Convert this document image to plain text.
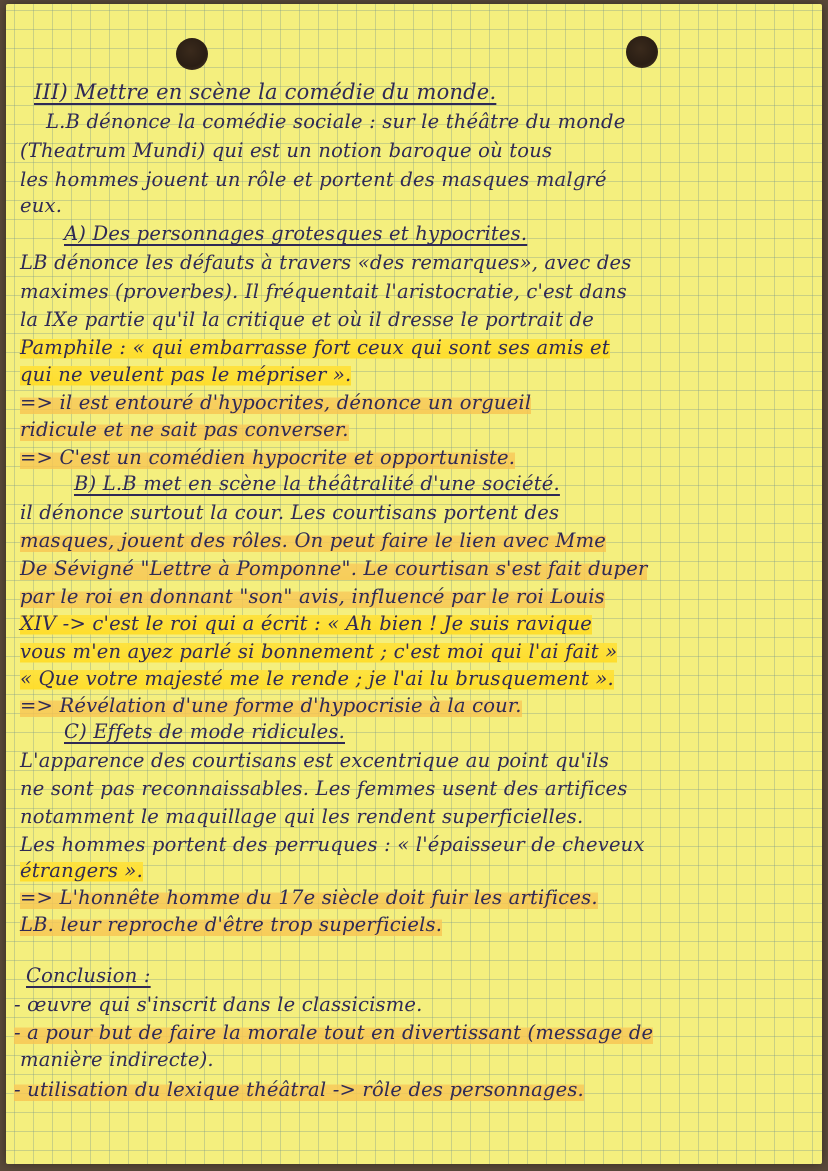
III) Mettre en scène la comédie du monde.
L.B dénonce la comédie sociale : sur le théâtre du monde
(Theatrum Mundi) qui est un notion baroque où tous
les hommes jouent un rôle et portent des masques malgré
eux.
A) Des personnages grotesques et hypocrites.
LB dénonce les défauts à travers «des remarques», avec des
maximes (proverbes). Il fréquentait l'aristocratie, c'est dans
la IXe partie qu'il la critique et où il dresse le portrait de
Pamphile : « qui embarrasse fort ceux qui sont ses amis et
qui ne veulent pas le mépriser ».
=> il est entouré d'hypocrites, dénonce un orgueil
ridicule et ne sait pas converser.
=> C'est un comédien hypocrite et opportuniste.
B) L.B met en scène la théâtralité d'une société.
il dénonce surtout la cour. Les courtisans portent des
masques, jouent des rôles. On peut faire le lien avec Mme
De Sévigné "Lettre à Pomponne". Le courtisan s'est fait duper
par le roi en donnant "son" avis, influencé par le roi Louis
XIV -> c'est le roi qui a écrit : « Ah bien ! Je suis ravique
vous m'en ayez parlé si bonnement ; c'est moi qui l'ai fait »
« Que votre majesté me le rende ; je l'ai lu brusquement ».
=> Révélation d'une forme d'hypocrisie à la cour.
C) Effets de mode ridicules.
L'apparence des courtisans est excentrique au point qu'ils
ne sont pas reconnaissables. Les femmes usent des artifices
notamment le maquillage qui les rendent superficielles.
Les hommes portent des perruques : « l'épaisseur de cheveux
étrangers ».
=> L'honnête homme du 17e siècle doit fuir les artifices.
LB. leur reproche d'être trop superficiels.
Conclusion :
- œuvre qui s'inscrit dans le classicisme.
- a pour but de faire la morale tout en divertissant (message de
manière indirecte).
- utilisation du lexique théâtral -> rôle des personnages.
